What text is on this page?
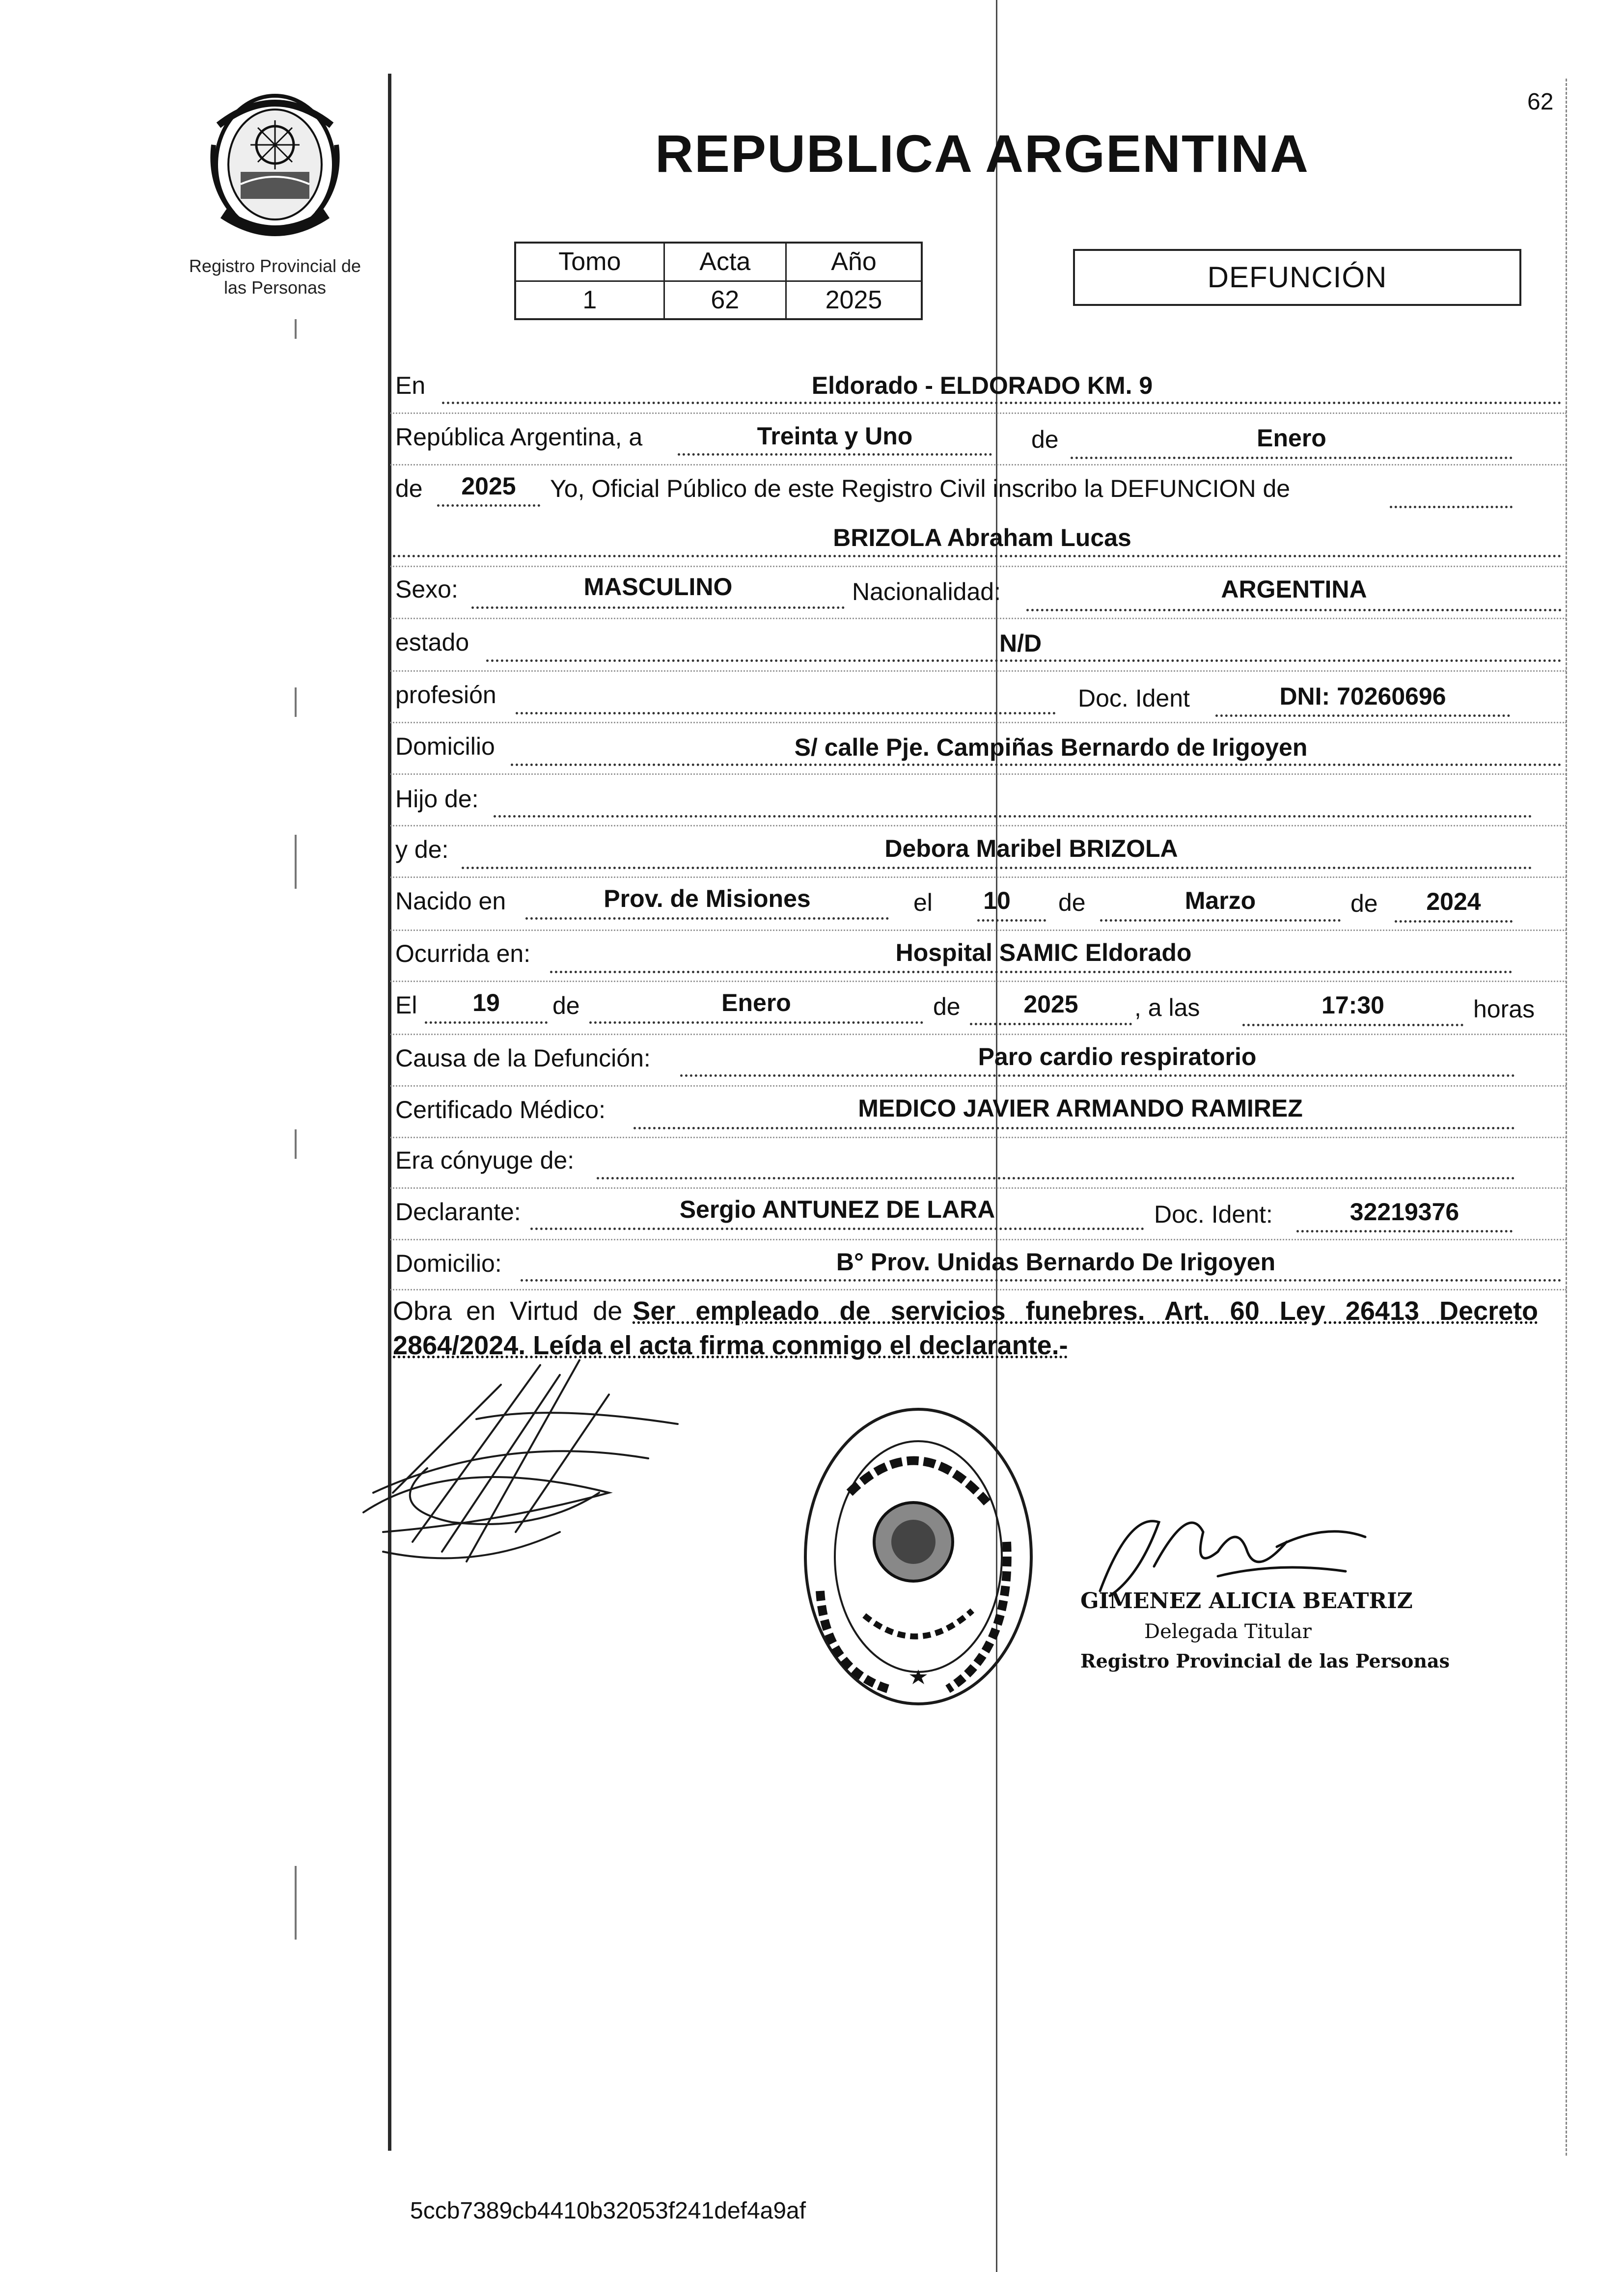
Registro Provincial de
las Personas
62
REPUBLICA ARGENTINA
Tomo	Acta	Año
1	62	2025
DEFUNCIÓN
En	Eldorado - ELDORADO KM. 9
República Argentina, a	Treinta y Uno	de	Enero
de	2025	Yo, Oficial Público de este Registro Civil inscribo la DEFUNCION de
BRIZOLA Abraham Lucas
Sexo:	MASCULINO	Nacionalidad:	ARGENTINA
estado	N/D
profesión	Doc. Ident	DNI: 70260696
Domicilio	S/ calle Pje. Campiñas Bernardo de Irigoyen
Hijo de:
y de:	Debora Maribel BRIZOLA
Nacido en	Prov. de Misiones	el 10 de	Marzo	de	2024
Ocurrida en:	Hospital SAMIC Eldorado
El	19	de	Enero	de	2025	, a las	17:30	horas
Causa de la Defunción:	Paro cardio respiratorio
Certificado Médico:	MEDICO JAVIER ARMANDO RAMIREZ
Era cónyuge de:
Declarante:	Sergio ANTUNEZ DE LARA	Doc. Ident:	32219376
Domicilio:	B° Prov. Unidas Bernardo De Irigoyen
Obra en Virtud de Ser empleado de servicios funebres. Art. 60 Ley 26413 Decreto
2864/2024. Leída el acta firma conmigo el declarante.-
GIMENEZ ALICIA BEATRIZ
Delegada Titular
Registro Provincial de las Personas
5ccb7389cb4410b32053f241def4a9af
